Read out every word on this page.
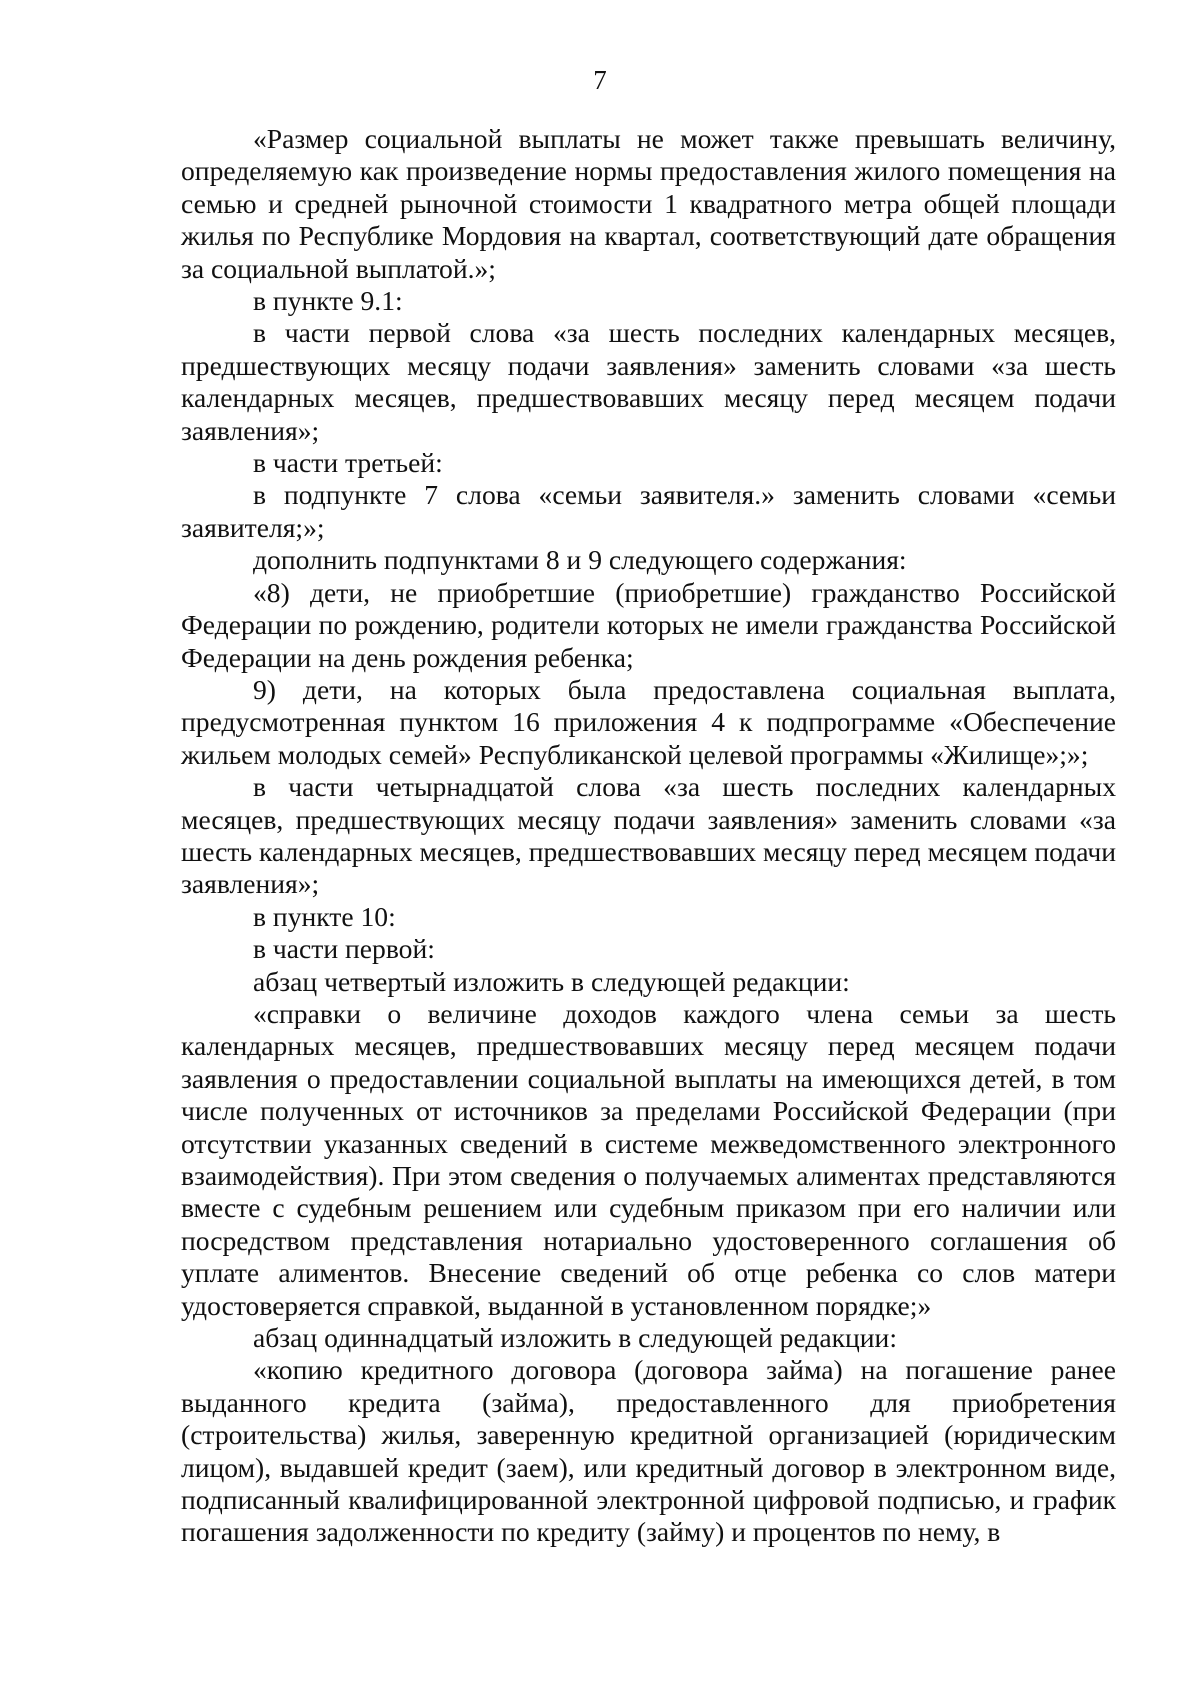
7

«Размер социальной выплаты не может также превышать величину, определяемую как произведение нормы предоставления жилого помещения на семью и средней рыночной стоимости 1 квадратного метра общей площади жилья по Республике Мордовия на квартал, соответствующий дате обращения за социальной выплатой.»;

в пункте 9.1:

в части первой слова «за шесть последних календарных месяцев, предшествующих месяцу подачи заявления» заменить словами «за шесть календарных месяцев, предшествовавших месяцу перед месяцем подачи заявления»;

в части третьей:

в подпункте 7 слова «семьи заявителя.» заменить словами «семьи заявителя;»;

дополнить подпунктами 8 и 9 следующего содержания:

«8) дети, не приобретшие (приобретшие) гражданство Российской Федерации по рождению, родители которых не имели гражданства Российской Федерации на день рождения ребенка;

9) дети, на которых была предоставлена социальная выплата, предусмотренная пунктом 16 приложения 4 к подпрограмме «Обеспечение жильем молодых семей» Республиканской целевой программы «Жилище»;»;

в части четырнадцатой слова «за шесть последних календарных месяцев, предшествующих месяцу подачи заявления» заменить словами «за шесть календарных месяцев, предшествовавших месяцу перед месяцем подачи заявления»;

в пункте 10:

в части первой:

абзац четвертый изложить в следующей редакции:

«справки о величине доходов каждого члена семьи за шесть календарных месяцев, предшествовавших месяцу перед месяцем подачи заявления о предоставлении социальной выплаты на имеющихся детей, в том числе полученных от источников за пределами Российской Федерации (при отсутствии указанных сведений в системе межведомственного электронного взаимодействия). При этом сведения о получаемых алиментах представляются вместе с судебным решением или судебным приказом при его наличии или посредством представления нотариально удостоверенного соглашения об уплате алиментов. Внесение сведений об отце ребенка со слов матери удостоверяется справкой, выданной в установленном порядке;»

абзац одиннадцатый изложить в следующей редакции:

«копию кредитного договора (договора займа) на погашение ранее выданного кредита (займа), предоставленного для приобретения (строительства) жилья, заверенную кредитной организацией (юридическим лицом), выдавшей кредит (заем), или кредитный договор в электронном виде, подписанный квалифицированной электронной цифровой подписью, и график погашения задолженности по кредиту (займу) и процентов по нему, в
